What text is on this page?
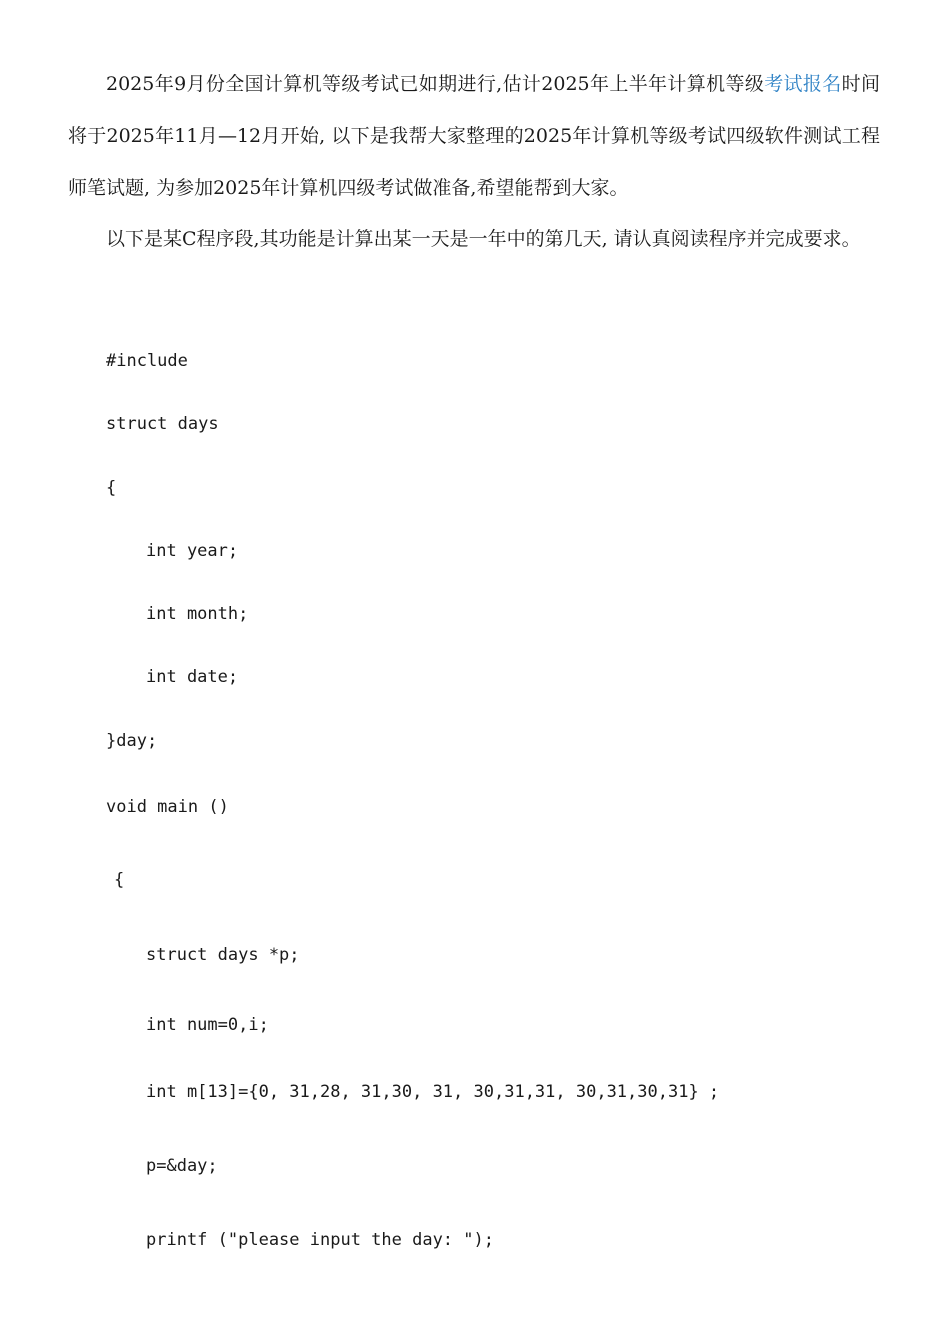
2025年9月份全国计算机等级考试已如期进行,估计2025年上半年计算机等级考试报名时间将于2025年11月—12月开始, 以下是我帮大家整理的2025年计算机等级考试四级软件测试工程师笔试题, 为参加2025年计算机四级考试做准备,希望能帮到大家。

以下是某C程序段,其功能是计算出某一天是一年中的第几天, 请认真阅读程序并完成要求。

#include
struct days
{
int year;
int month;
int date;
}day;
void main ()
{
struct days *p;
int num=0,i;
int m[13]={0, 31,28, 31,30, 31, 30,31,31, 30,31,30,31} ;
p=&day;
printf ("please input the day: ");
